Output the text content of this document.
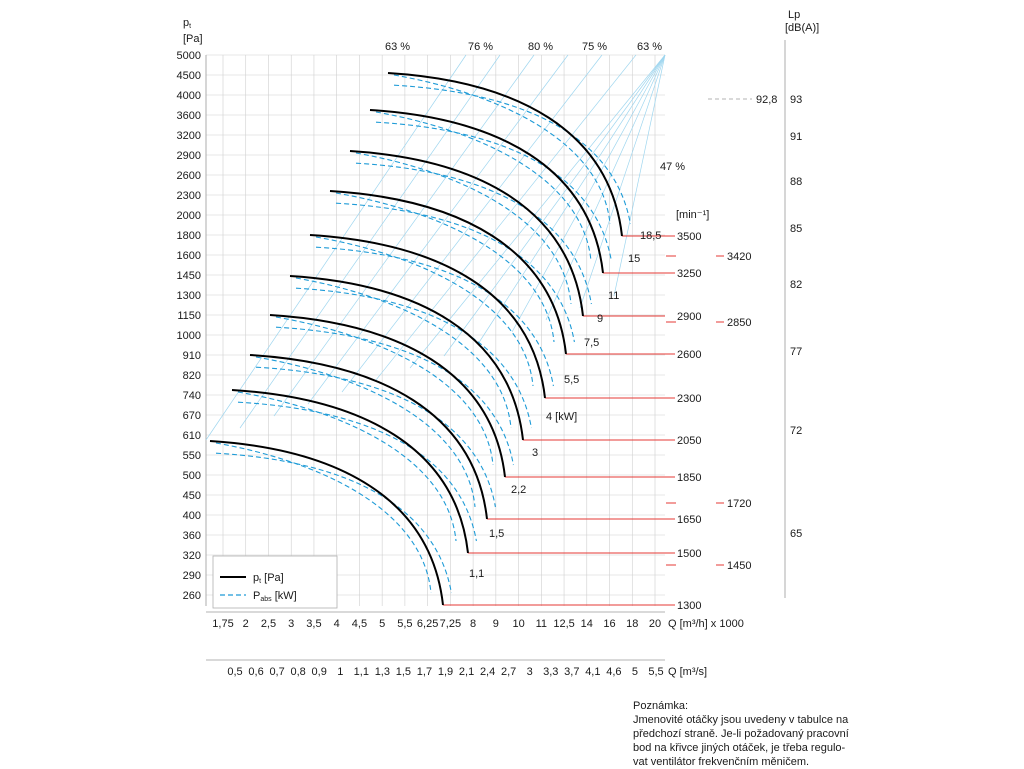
5000
4500
4000
3600
3200
2900
2600
2300
2000
1800
1600
1450
1300
1150
1000
910
820
740
670
610
550
500
450
400
360
320
290
260
1,75 2 2,5 3 3,5 4 4,5 5 5,5 6,25 7,25 8 9 10 11 12,5 14 16 18 20
0,5 0,6 0,7 0,8 0,9 1 1,1 1,3 1,5 1,7 1,9 2,1 2,4 2,7 3 3,3 3,7 4,1 4,6 5 5,5
63 %	76 %	80 %	75 %	63 %
47 %
3500
3250
2900
2600
2300
2050
1850
1650
1500
1300
3420
2850
1720
1450
18,5
15
11
9
7,5
5,5
4 [kW]
3
2,2
1,5
1,1
93
91
88
85
82
77
72
65
92,8
pt
[Pa]
Q [m³/h] x 1000
Q [m³/s]
[min⁻¹]
Lp
[dB(A)]
pt [Pa]
Pabs [kW]
Poznámka:
Jmenovité otáčky jsou uvedeny v tabulce na
předchozí straně. Je-li požadovaný pracovní
bod na křivce jiných otáček, je třeba regulo-
vat ventilátor frekvenčním měničem.
